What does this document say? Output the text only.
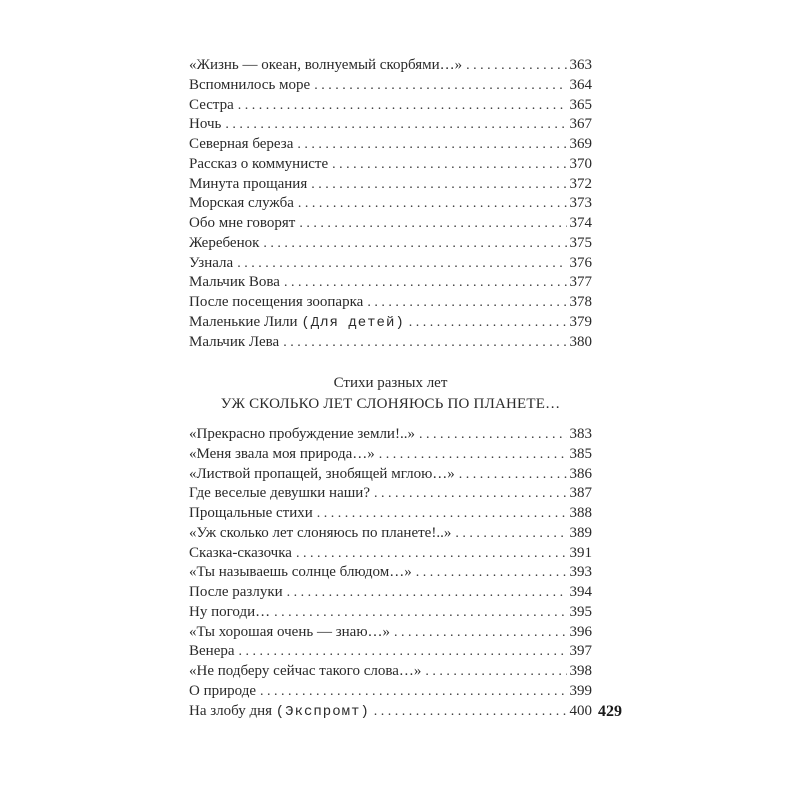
«Жизнь — океан, волнуемый скорбями…» . . .	363
Вспомнилось море . . .	364
Сестра . . .	365
Ночь . . .	367
Северная береза . . .	369
Рассказ о коммунисте . . .	370
Минута прощания . . .	372
Морская служба . . .	373
Обо мне говорят . . .	374
Жеребенок . . .	375
Узнала . . .	376
Мальчик Вова . . .	377
После посещения зоопарка . . .	378
Маленькие Лили (Для детей) . . .	379
Мальчик Лева . . .	380
Стихи разных лет
УЖ СКОЛЬКО ЛЕТ СЛОНЯЮСЬ ПО ПЛАНЕТЕ…
«Прекрасно пробуждение земли!..» . . .	383
«Меня звала моя природа…» . . .	385
«Листвой пропащей, знобящей мглою…» . . .	386
Где веселые девушки наши? . . .	387
Прощальные стихи . . .	388
«Уж сколько лет слоняюсь по планете!..» . . .	389
Сказка-сказочка . . .	391
«Ты называешь солнце блюдом…» . . .	393
После разлуки . . .	394
Ну погоди… . . .	395
«Ты хорошая очень — знаю…» . . .	396
Венера . . .	397
«Не подберу сейчас такого слова…» . . .	398
О природе . . .	399
На злобу дня (Экспромт) . . .	400 429
